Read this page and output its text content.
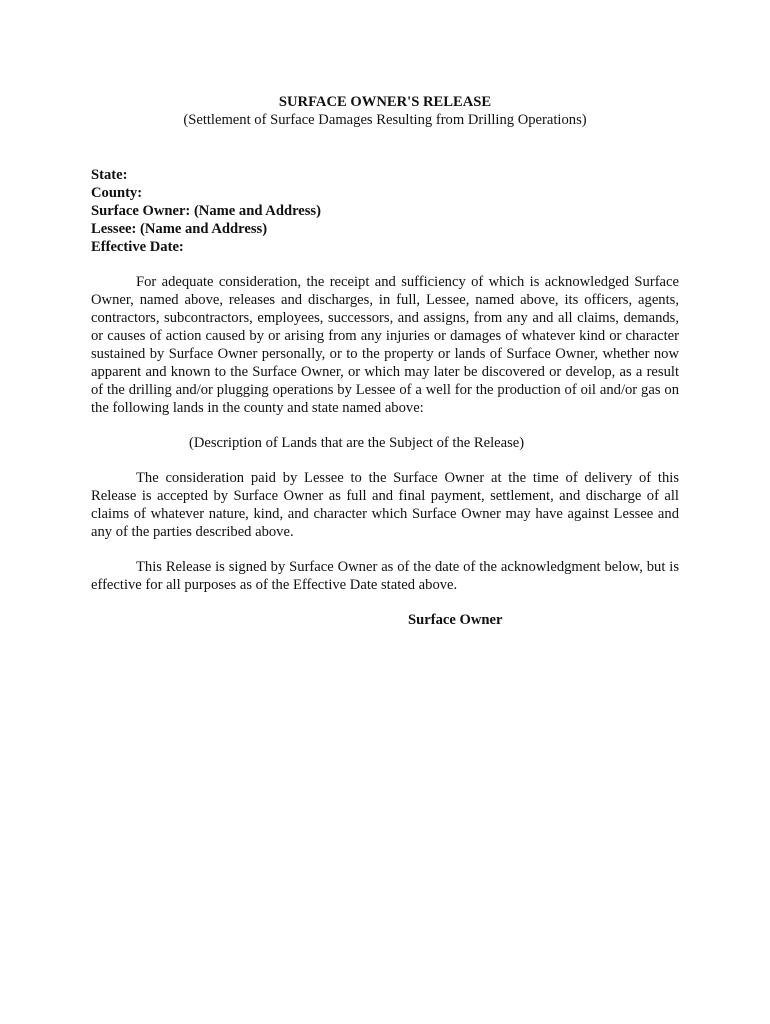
SURFACE OWNER'S RELEASE
(Settlement of Surface Damages Resulting from Drilling Operations)
State:
County:
Surface Owner: (Name and Address)
Lessee: (Name and Address)
Effective Date:

For adequate consideration, the receipt and sufficiency of which is acknowledged Surface Owner, named above, releases and discharges, in full, Lessee, named above, its officers, agents, contractors, subcontractors, employees, successors, and assigns, from any and all claims, demands, or causes of action caused by or arising from any injuries or damages of whatever kind or character sustained by Surface Owner personally, or to the property or lands of Surface Owner, whether now apparent and known to the Surface Owner, or which may later be discovered or develop, as a result of the drilling and/or plugging operations by Lessee of a well for the production of oil and/or gas on the following lands in the county and state named above:

(Description of Lands that are the Subject of the Release)

The consideration paid by Lessee to the Surface Owner at the time of delivery of this Release is accepted by Surface Owner as full and final payment, settlement, and discharge of all claims of whatever nature, kind, and character which Surface Owner may have against Lessee and any of the parties described above.

This Release is signed by Surface Owner as of the date of the acknowledgment below, but is effective for all purposes as of the Effective Date stated above.

Surface Owner
